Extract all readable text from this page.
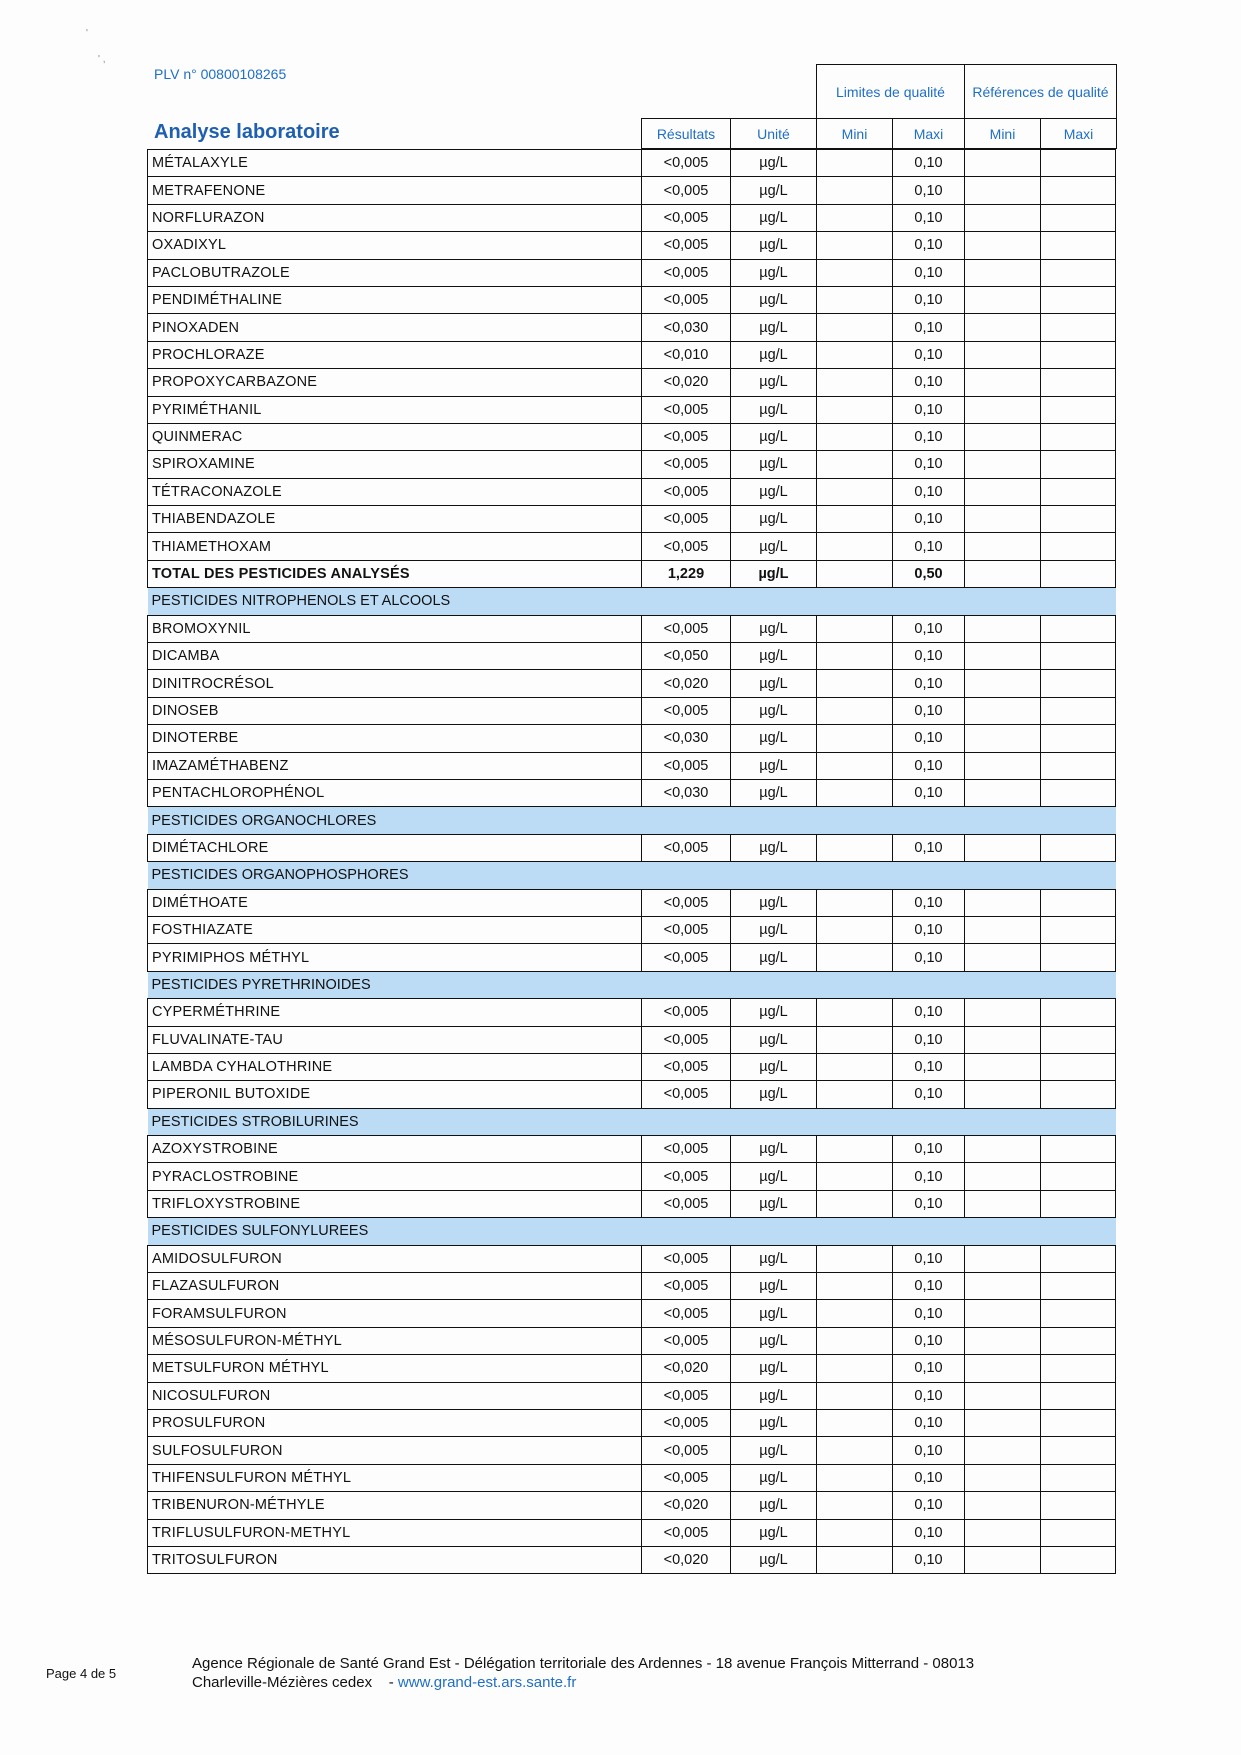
'
' ,
PLV n° 00800108265
Analyse laboratoire
		Limites de qualité		Références de qualité	
Résultats	Unité	Mini	Maxi	Mini	Maxi
MÉTALAXYLE	<0,005	µg/L		0,10		
METRAFENONE	<0,005	µg/L		0,10		
NORFLURAZON	<0,005	µg/L		0,10		
OXADIXYL	<0,005	µg/L		0,10		
PACLOBUTRAZOLE	<0,005	µg/L		0,10		
PENDIMÉTHALINE	<0,005	µg/L		0,10		
PINOXADEN	<0,030	µg/L		0,10		
PROCHLORAZE	<0,010	µg/L		0,10		
PROPOXYCARBAZONE	<0,020	µg/L		0,10		
PYRIMÉTHANIL	<0,005	µg/L		0,10		
QUINMERAC	<0,005	µg/L		0,10		
SPIROXAMINE	<0,005	µg/L		0,10		
TÉTRACONAZOLE	<0,005	µg/L		0,10		
THIABENDAZOLE	<0,005	µg/L		0,10		
THIAMETHOXAM	<0,005	µg/L		0,10		
TOTAL DES PESTICIDES ANALYSÉS	1,229	µg/L		0,50		
PESTICIDES NITROPHENOLS ET ALCOOLS						
BROMOXYNIL	<0,005	µg/L		0,10		
DICAMBA	<0,050	µg/L		0,10		
DINITROCRÉSOL	<0,020	µg/L		0,10		
DINOSEB	<0,005	µg/L		0,10		
DINOTERBE	<0,030	µg/L		0,10		
IMAZAMÉTHABENZ	<0,005	µg/L		0,10		
PENTACHLOROPHÉNOL	<0,030	µg/L		0,10		
PESTICIDES ORGANOCHLORES						
DIMÉTACHLORE	<0,005	µg/L		0,10		
PESTICIDES ORGANOPHOSPHORES						
DIMÉTHOATE	<0,005	µg/L		0,10		
FOSTHIAZATE	<0,005	µg/L		0,10		
PYRIMIPHOS MÉTHYL	<0,005	µg/L		0,10		
PESTICIDES PYRETHRINOIDES						
CYPERMÉTHRINE	<0,005	µg/L		0,10		
FLUVALINATE-TAU	<0,005	µg/L		0,10		
LAMBDA CYHALOTHRINE	<0,005	µg/L		0,10		
PIPERONIL BUTOXIDE	<0,005	µg/L		0,10		
PESTICIDES STROBILURINES						
AZOXYSTROBINE	<0,005	µg/L		0,10		
PYRACLOSTROBINE	<0,005	µg/L		0,10		
TRIFLOXYSTROBINE	<0,005	µg/L		0,10		
PESTICIDES SULFONYLUREES						
AMIDOSULFURON	<0,005	µg/L		0,10		
FLAZASULFURON	<0,005	µg/L		0,10		
FORAMSULFURON	<0,005	µg/L		0,10		
MÉSOSULFURON-MÉTHYL	<0,005	µg/L		0,10		
METSULFURON MÉTHYL	<0,020	µg/L		0,10		
NICOSULFURON	<0,005	µg/L		0,10		
PROSULFURON	<0,005	µg/L		0,10		
SULFOSULFURON	<0,005	µg/L		0,10		
THIFENSULFURON MÉTHYL	<0,005	µg/L		0,10		
TRIBENURON-MÉTHYLE	<0,020	µg/L		0,10		
TRIFLUSULFURON-METHYL	<0,005	µg/L		0,10		
TRITOSULFURON	<0,020	µg/L		0,10		
Page 4 de 5
Agence Régionale de Santé Grand Est - Délégation territoriale des Ardennes - 18 avenue François Mitterrand - 08013
Charleville-Mézières cedex    - www.grand-est.ars.sante.fr
